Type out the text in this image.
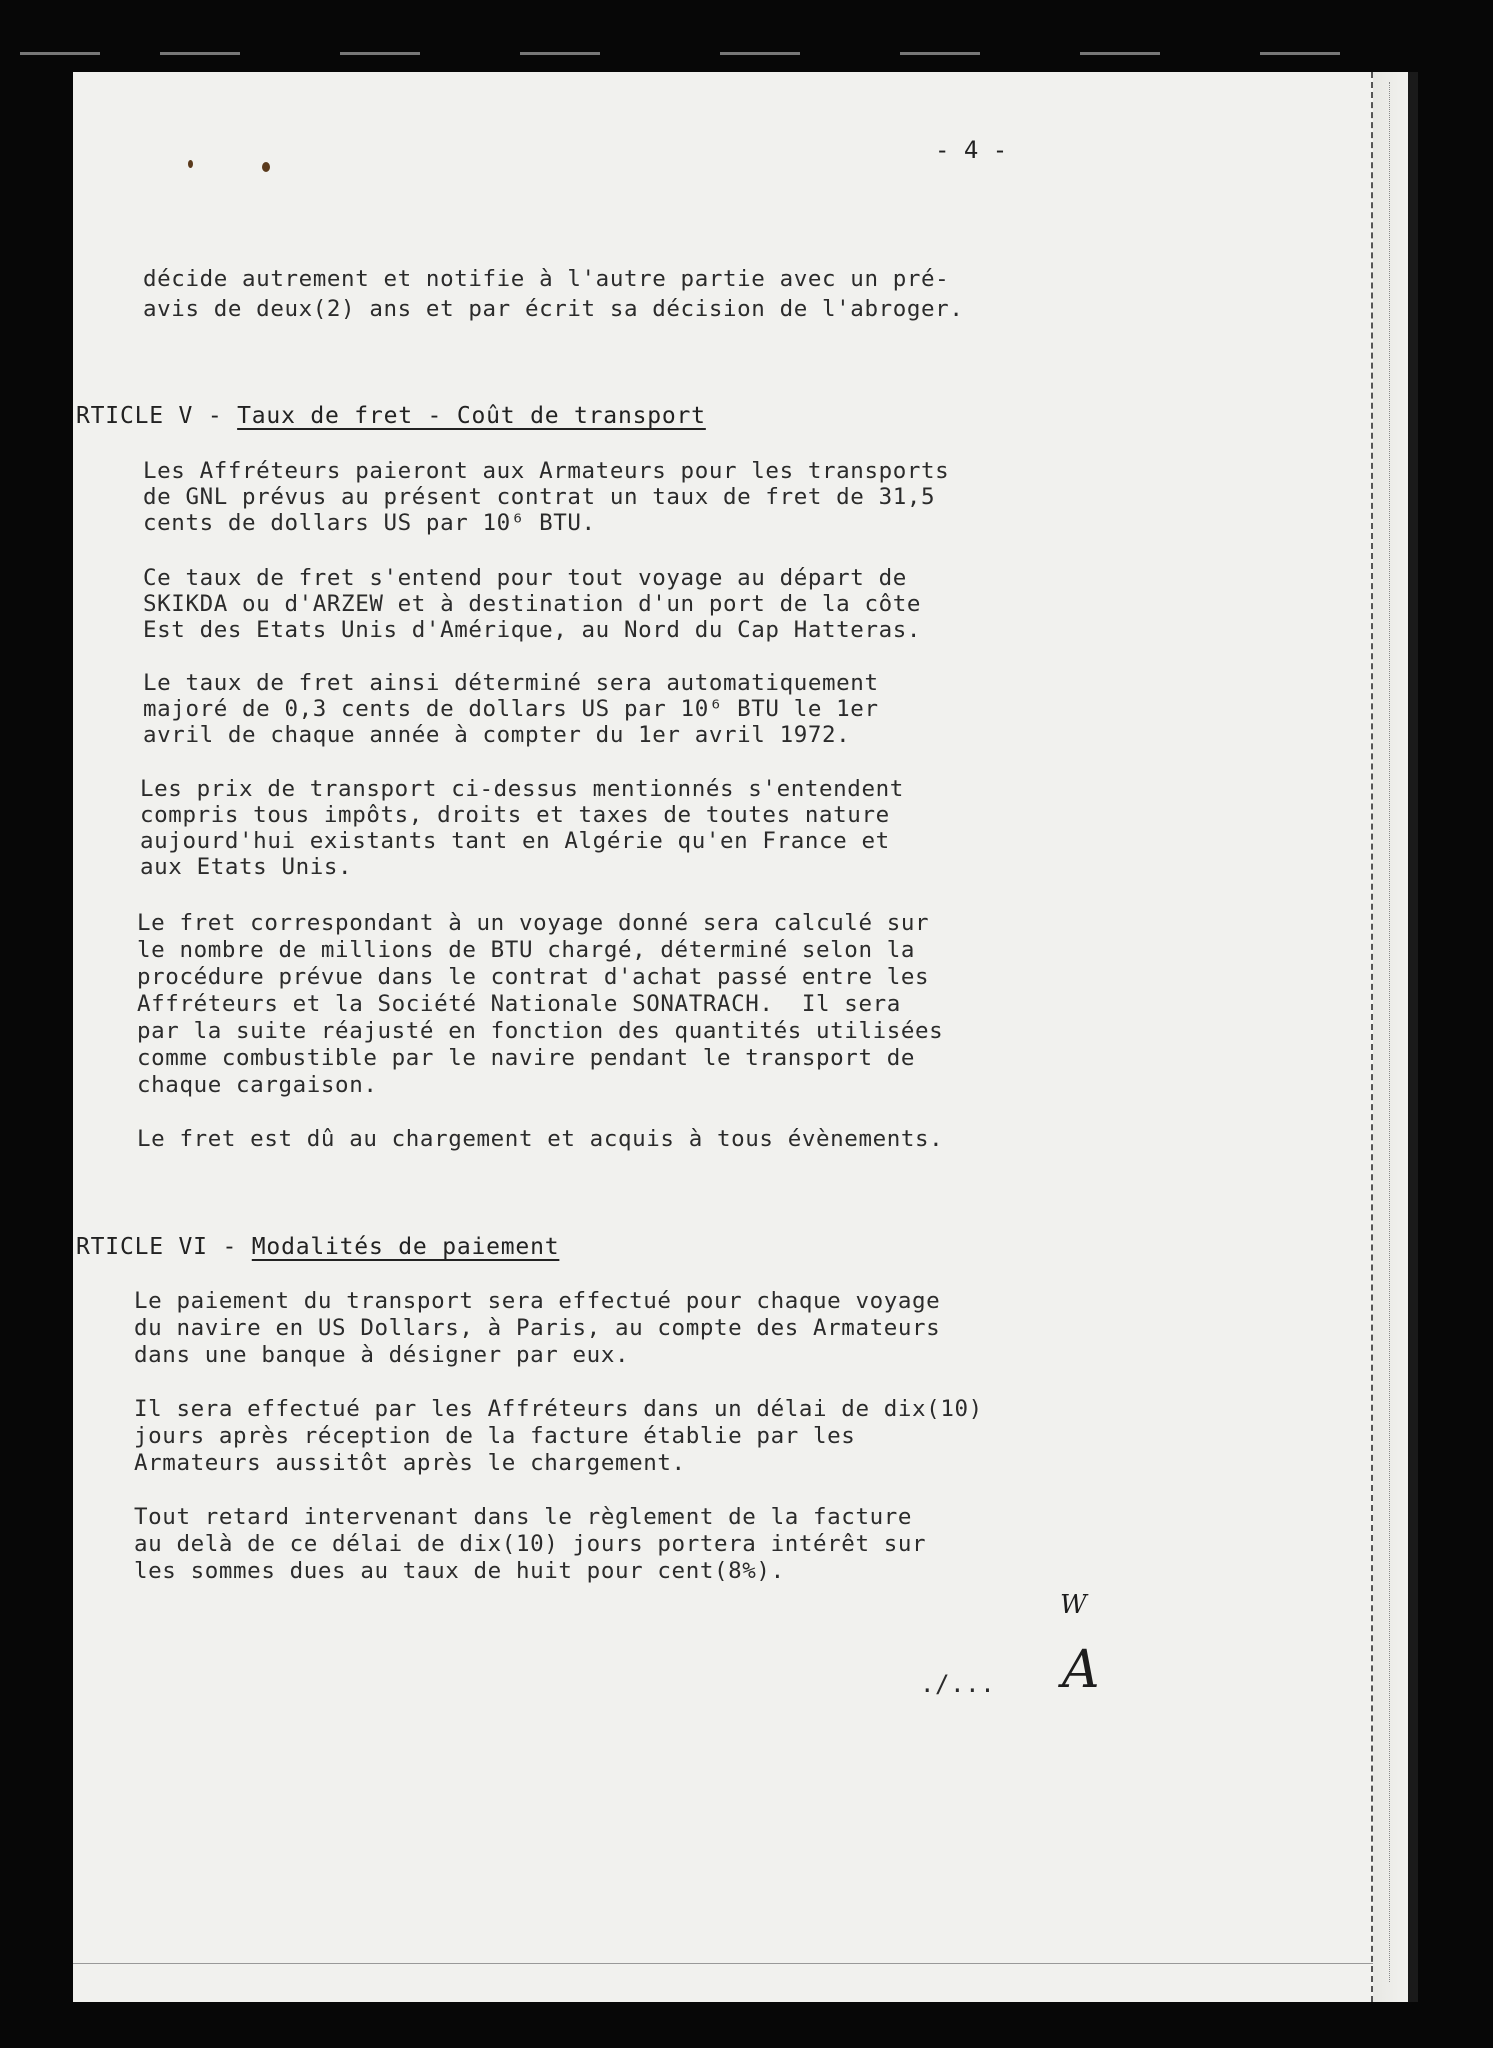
- 4 -
décide autrement et notifie à l'autre partie avec un pré-
avis de deux(2) ans et par écrit sa décision de l'abroger.
RTICLE V - Taux de fret - Coût de transport
Les Affréteurs paieront aux Armateurs pour les transports
de GNL prévus au présent contrat un taux de fret de 31,5
cents de dollars US par 10⁶ BTU.
Ce taux de fret s'entend pour tout voyage au départ de
SKIKDA ou d'ARZEW et à destination d'un port de la côte
Est des Etats Unis d'Amérique, au Nord du Cap Hatteras.
Le taux de fret ainsi déterminé sera automatiquement
majoré de 0,3 cents de dollars US par 10⁶ BTU le 1er
avril de chaque année à compter du 1er avril 1972.
Les prix de transport ci-dessus mentionnés s'entendent
compris tous impôts, droits et taxes de toutes nature
aujourd'hui existants tant en Algérie qu'en France et
aux Etats Unis.
Le fret correspondant à un voyage donné sera calculé sur
le nombre de millions de BTU chargé, déterminé selon la
procédure prévue dans le contrat d'achat passé entre les
Affréteurs et la Société Nationale SONATRACH.  Il sera
par la suite réajusté en fonction des quantités utilisées
comme combustible par le navire pendant le transport de
chaque cargaison.
Le fret est dû au chargement et acquis à tous évènements.
RTICLE VI - Modalités de paiement
Le paiement du transport sera effectué pour chaque voyage
du navire en US Dollars, à Paris, au compte des Armateurs
dans une banque à désigner par eux.
Il sera effectué par les Affréteurs dans un délai de dix(10)
jours après réception de la facture établie par les
Armateurs aussitôt après le chargement.
Tout retard intervenant dans le règlement de la facture
au delà de ce délai de dix(10) jours portera intérêt sur
les sommes dues au taux de huit pour cent(8%).
./...
W
A
